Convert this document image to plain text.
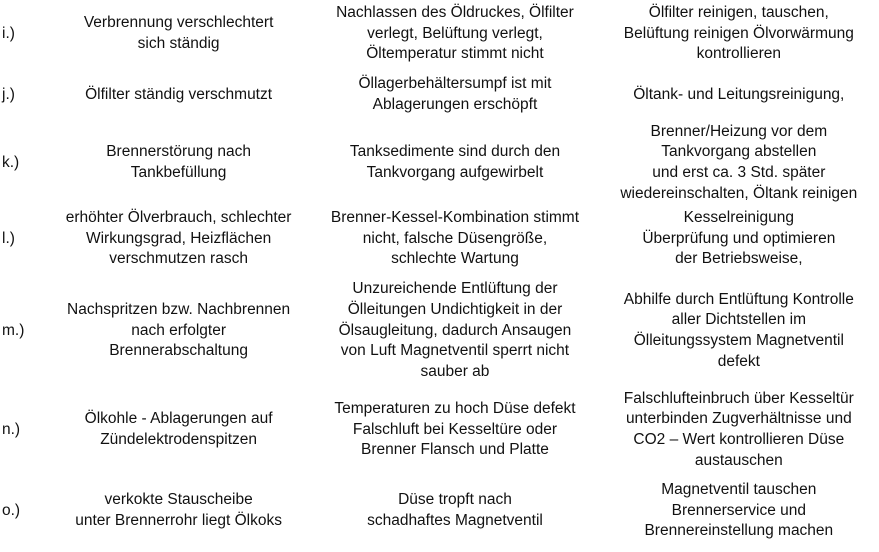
i.)
Verbrennung verschlechtert
sich ständig
Nachlassen des Öldruckes, Ölfilter
verlegt, Belüftung verlegt,
Öltemperatur stimmt nicht
Ölfilter reinigen, tauschen,
Belüftung reinigen Ölvorwärmung
kontrollieren
j.)	Ölfilter ständig verschmutzt
Öllagerbehältersumpf ist mit
Ablagerungen erschöpft
Öltank- und Leitungsreinigung,
k.)
Brennerstörung nach
Tankbefüllung
Tanksedimente sind durch den
Tankvorgang aufgewirbelt
Brenner/Heizung vor dem
Tankvorgang abstellen
und erst ca. 3 Std. später
wiedereinschalten, Öltank reinigen
l.)
erhöhter Ölverbrauch, schlechter
Wirkungsgrad, Heizflächen
verschmutzen rasch
Brenner-Kessel-Kombination stimmt
nicht, falsche Düsengröße,
schlechte Wartung
Kesselreinigung
Überprüfung und optimieren
der Betriebsweise,
m.)
Nachspritzen bzw. Nachbrennen
nach erfolgter
Brennerabschaltung
Unzureichende Entlüftung der
Ölleitungen Undichtigkeit in der
Ölsaugleitung, dadurch Ansaugen
von Luft Magnetventil sperrt nicht
sauber ab
Abhilfe durch Entlüftung Kontrolle
aller Dichtstellen im
Ölleitungssystem Magnetventil
defekt
n.)
Ölkohle - Ablagerungen auf
Zündelektrodenspitzen
Temperaturen zu hoch Düse defekt
Falschluft bei Kesseltüre oder
Brenner Flansch und Platte
Falschlufteinbruch über Kesseltür
unterbinden Zugverhältnisse und
CO2 – Wert kontrollieren Düse
austauschen
o.)
verkokte Stauscheibe
unter Brennerrohr liegt Ölkoks
Düse tropft nach
schadhaftes Magnetventil
Magnetventil tauschen
Brennerservice und
Brennereinstellung machen
